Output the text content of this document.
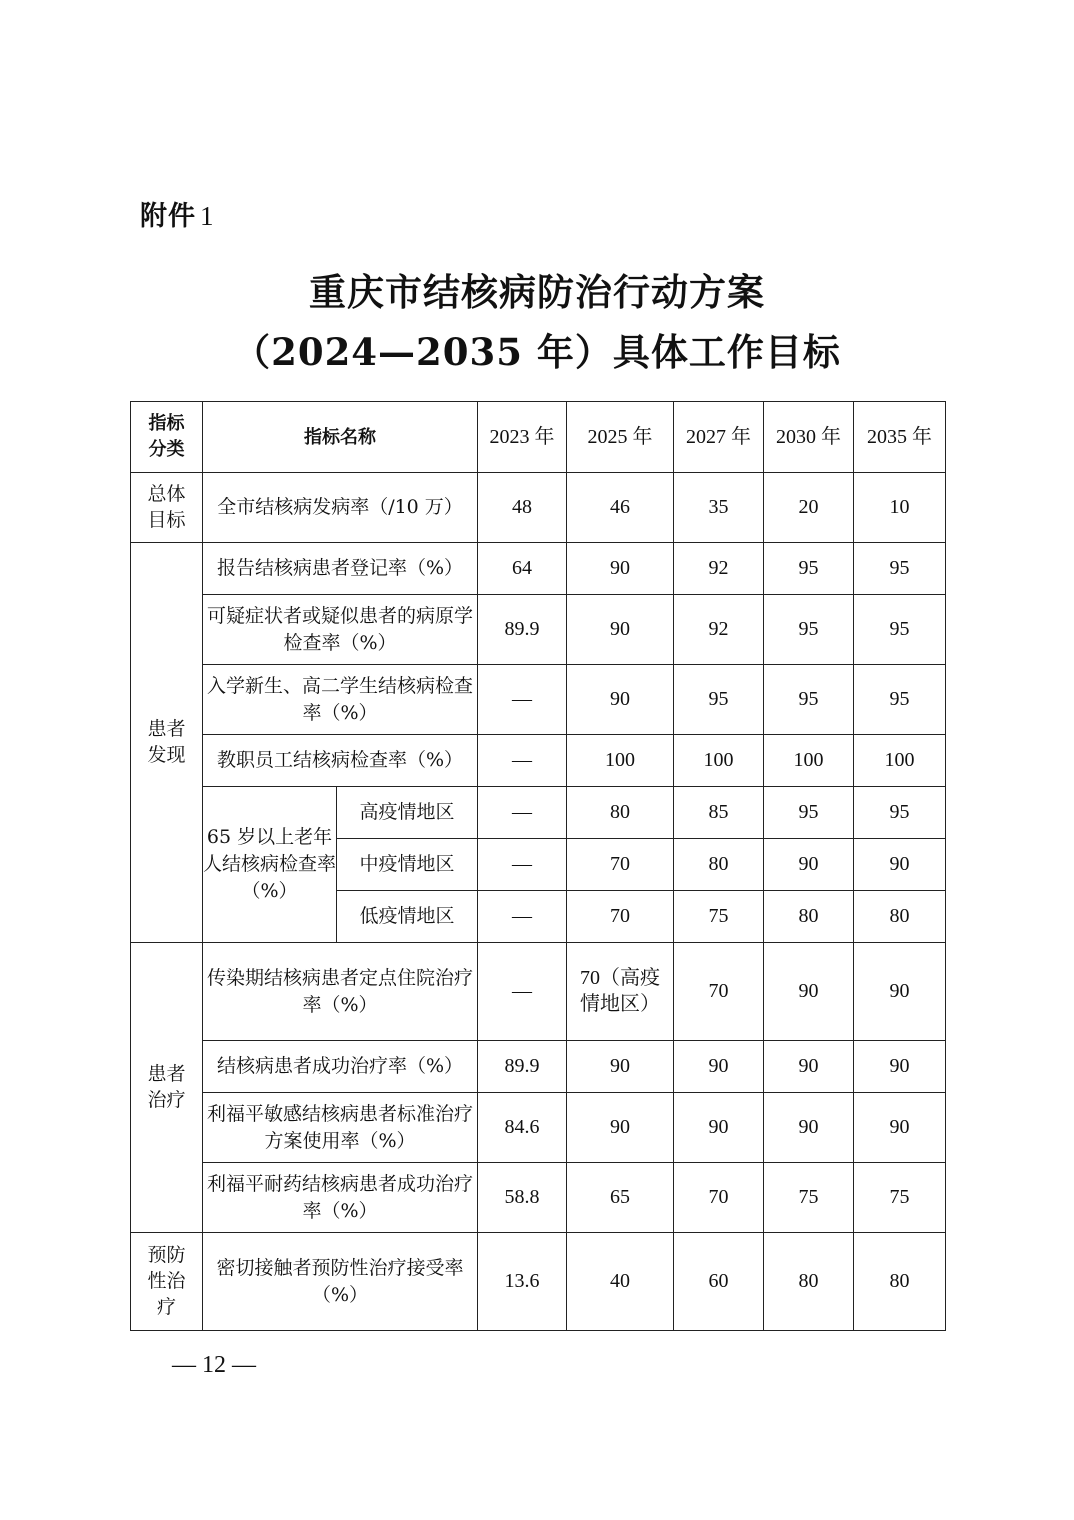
附件 1
重庆市结核病防治行动方案
（2024—2035 年）具体工作目标
指标分类	指标名称		2023 年	2025 年	2027 年	2030 年	2035 年
总体目标	全市结核病发病率（/10 万）		48	46	35	20	10
患者发现	报告结核病患者登记率（%）		64	90	92	95	95
	可疑症状者或疑似患者的病原学检查率（%）		89.9	90	92	95	95
	入学新生、高二学生结核病检查率（%）		—	90	95	95	95
	教职员工结核病检查率（%）		—	100	100	100	100
	65 岁以上老年人结核病检查率（%）	高疫情地区	—	80	85	95	95
		中疫情地区	—	70	80	90	90
		低疫情地区	—	70	75	80	80
患者治疗	传染期结核病患者定点住院治疗率（%）		—	70（高疫情地区）	70	90	90
	结核病患者成功治疗率（%）		89.9	90	90	90	90
	利福平敏感结核病患者标准治疗方案使用率（%）		84.6	90	90	90	90
	利福平耐药结核病患者成功治疗率（%）		58.8	65	70	75	75
预防性治疗	密切接触者预防性治疗接受率（%）		13.6	40	60	80	80
— 12 —
